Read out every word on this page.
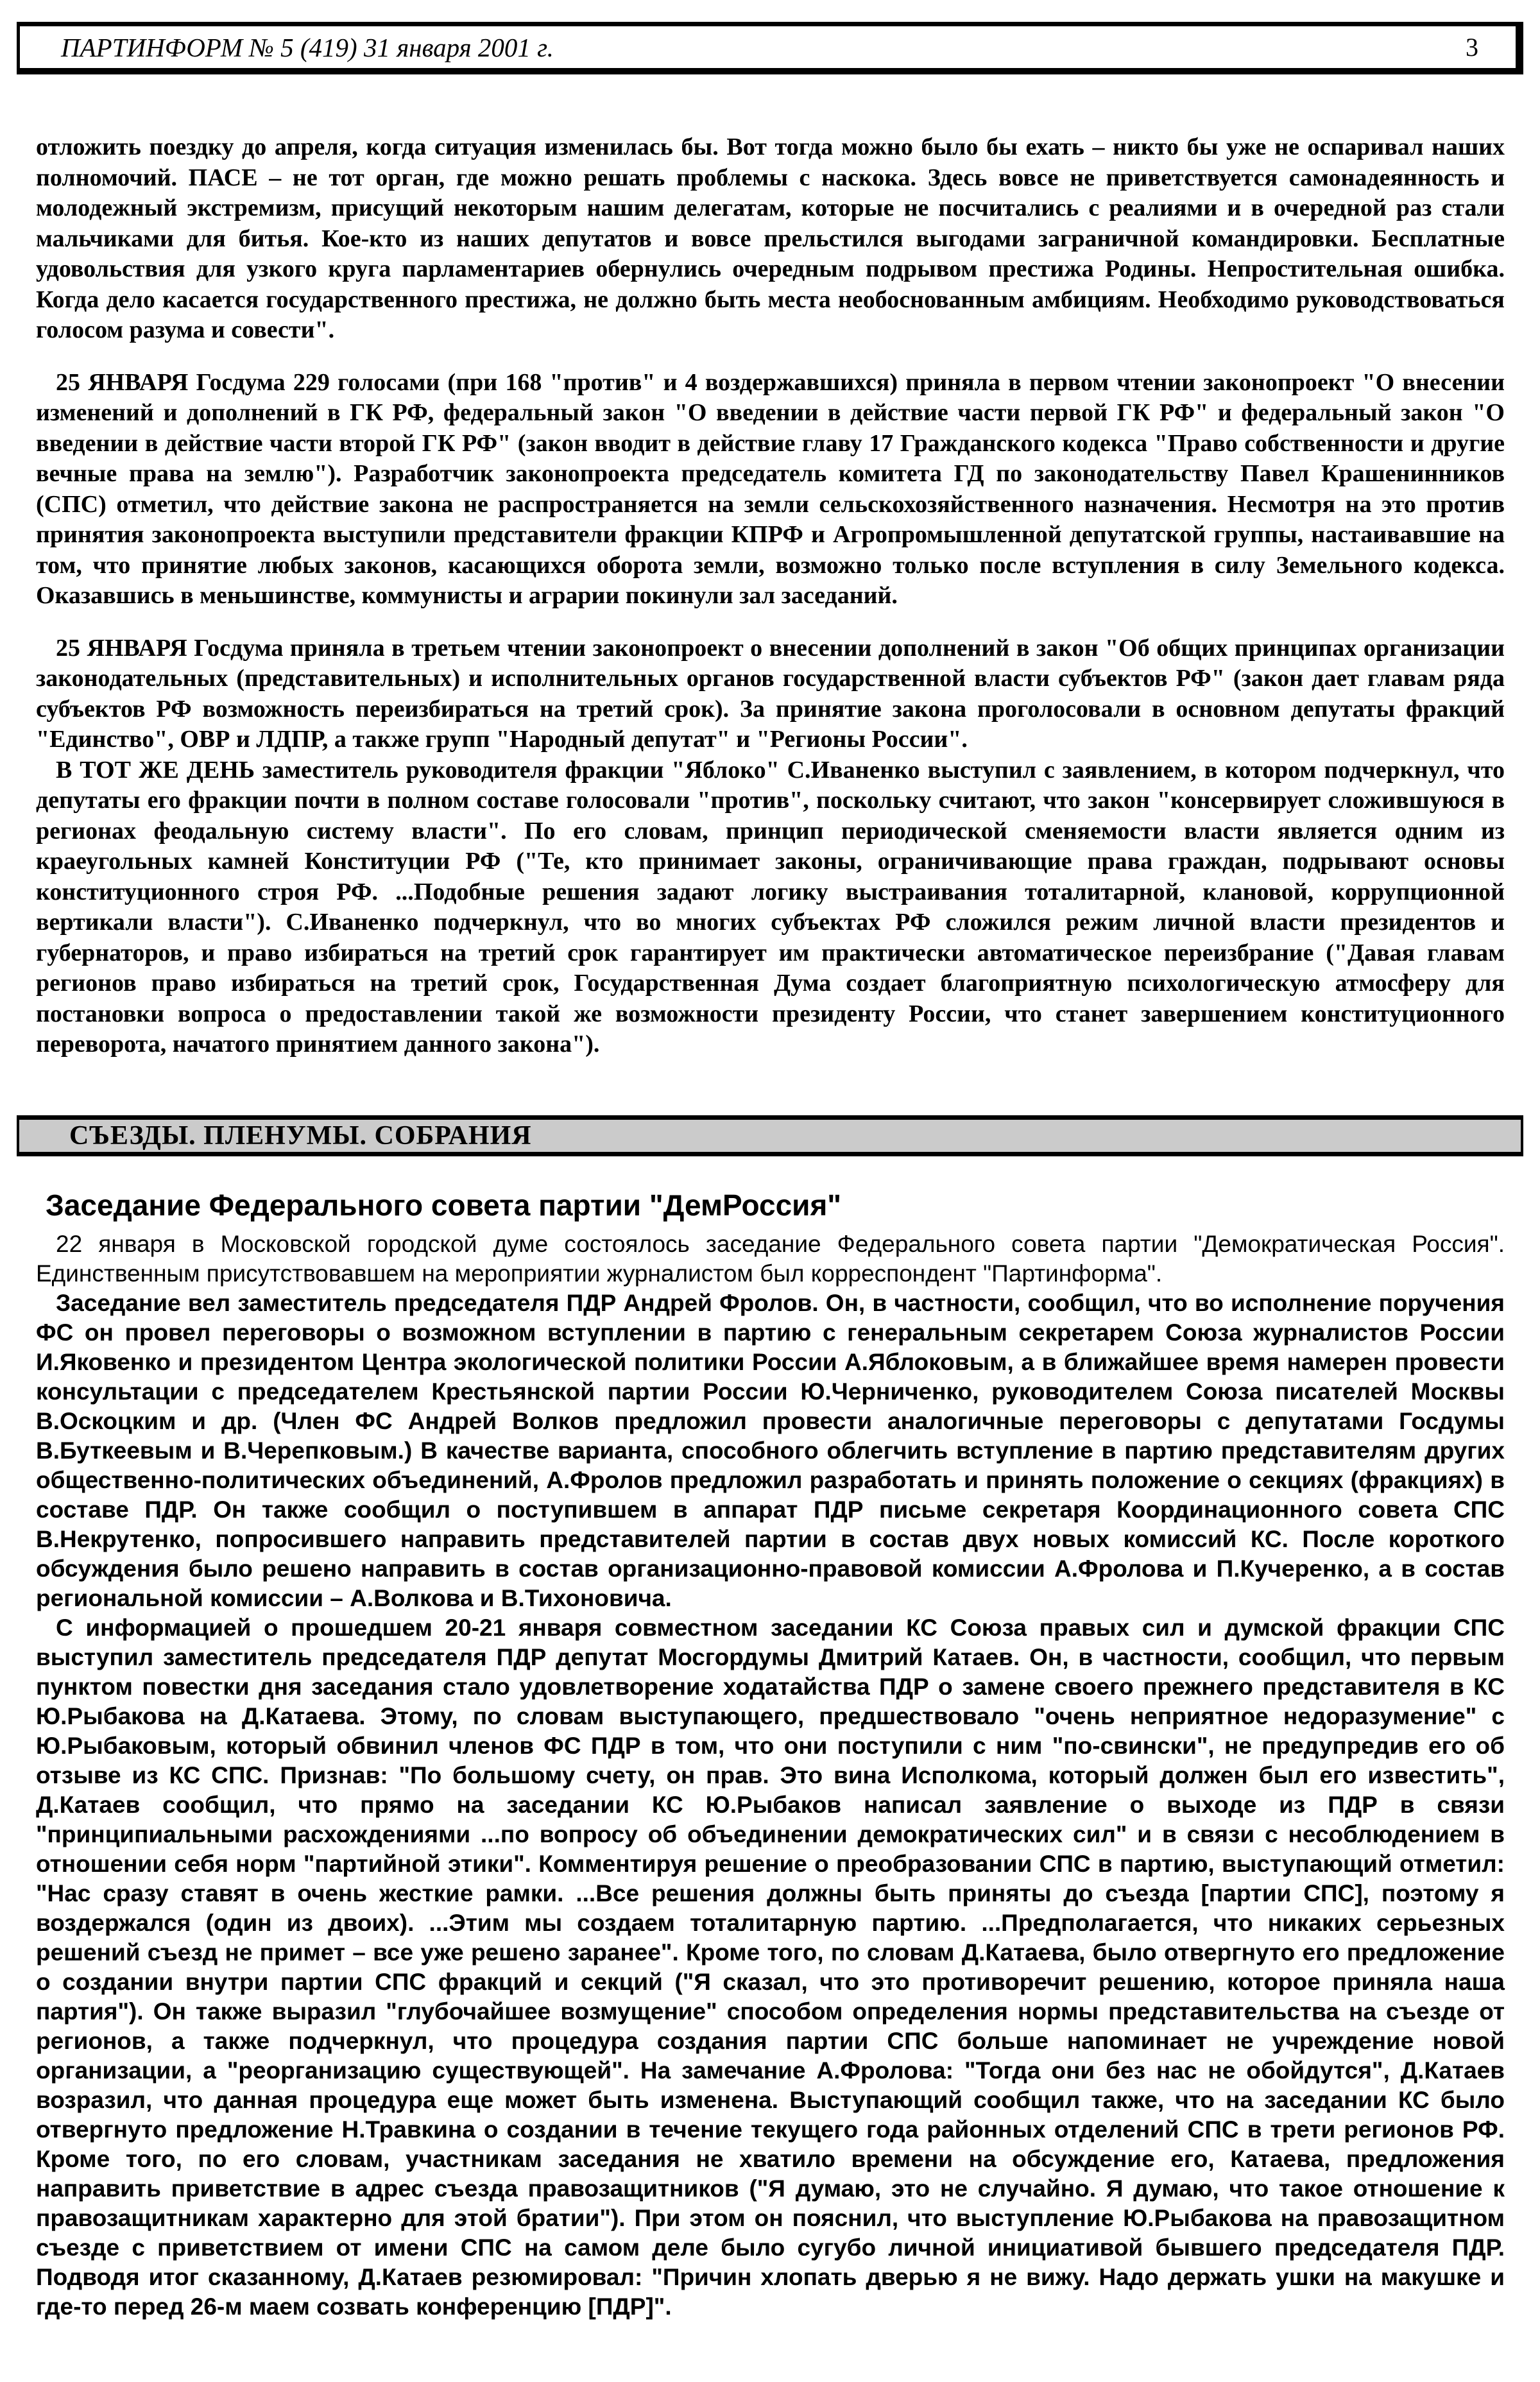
ПАРТИНФОРМ № 5 (419) 31 января 2001 г.	3

отложить поездку до апреля, когда ситуация изменилась бы. Вот тогда можно было бы ехать – никто бы уже не оспаривал наших полномочий. ПАСЕ – не тот орган, где можно решать проблемы с наскока. Здесь вовсе не приветствуется самонадеянность и молодежный экстремизм, присущий некоторым нашим делегатам, которые не посчитались с реалиями и в очередной раз стали мальчиками для битья. Кое-кто из наших депутатов и вовсе прельстился выгодами заграничной командировки. Бесплатные удовольствия для узкого круга парламентариев обернулись очередным подрывом престижа Родины. Непростительная ошибка. Когда дело касается государственного престижа, не должно быть места необоснованным амбициям. Необходимо руководствоваться голосом разума и совести".

25 ЯНВАРЯ Госдума 229 голосами (при 168 "против" и 4 воздержавшихся) приняла в первом чтении законопроект "О внесении изменений и дополнений в ГК РФ, федеральный закон "О введении в действие части первой ГК РФ" и федеральный закон "О введении в действие части второй ГК РФ" (закон вводит в действие главу 17 Гражданского кодекса "Право собственности и другие вечные права на землю"). Разработчик законопроекта председатель комитета ГД по законодательству Павел Крашенинников (СПС) отметил, что действие закона не распространяется на земли сельскохозяйственного назначения. Несмотря на это против принятия законопроекта выступили представители фракции КПРФ и Агропромышленной депутатской группы, настаивавшие на том, что принятие любых законов, касающихся оборота земли, возможно только после вступления в силу Земельного кодекса. Оказавшись в меньшинстве, коммунисты и аграрии покинули зал заседаний.

25 ЯНВАРЯ Госдума приняла в третьем чтении законопроект о внесении дополнений в закон "Об общих принципах организации законодательных (представительных) и исполнительных органов государственной власти субъектов РФ" (закон дает главам ряда субъектов РФ возможность переизбираться на третий срок). За принятие закона проголосовали в основном депутаты фракций "Единство", ОВР и ЛДПР, а также групп "Народный депутат" и "Регионы России".

В ТОТ ЖЕ ДЕНЬ заместитель руководителя фракции "Яблоко" С.Иваненко выступил с заявлением, в котором подчеркнул, что депутаты его фракции почти в полном составе голосовали "против", поскольку считают, что закон "консервирует сложившуюся в регионах феодальную систему власти". По его словам, принцип периодической сменяемости власти является одним из краеугольных камней Конституции РФ ("Те, кто принимает законы, ограничивающие права граждан, подрывают основы конституционного строя РФ. ...Подобные решения задают логику выстраивания тоталитарной, клановой, коррупционной вертикали власти"). С.Иваненко подчеркнул, что во многих субъектах РФ сложился режим личной власти президентов и губернаторов, и право избираться на третий срок гарантирует им практически автоматическое переизбрание ("Давая главам регионов право избираться на третий срок, Государственная Дума создает благоприятную психологическую атмосферу для постановки вопроса о предоставлении такой же возможности президенту России, что станет завершением конституционного переворота, начатого принятием данного закона").

СЪЕЗДЫ. ПЛЕНУМЫ. СОБРАНИЯ
Заседание Федерального совета партии "ДемРоссия"

22 января в Московской городской думе состоялось заседание Федерального совета партии "Демократическая Россия". Единственным присутствовавшем на мероприятии журналистом был корреспондент "Партинформа".

Заседание вел заместитель председателя ПДР Андрей Фролов. Он, в частности, сообщил, что во исполнение поручения ФС он провел переговоры о возможном вступлении в партию с генеральным секретарем Союза журналистов России И.Яковенко и президентом Центра экологической политики России А.Яблоковым, а в ближайшее время намерен провести консультации с председателем Крестьянской партии России Ю.Черниченко, руководителем Союза писателей Москвы В.Оскоцким и др. (Член ФС Андрей Волков предложил провести аналогичные переговоры с депутатами Госдумы В.Буткеевым и В.Черепковым.) В качестве варианта, способного облегчить вступление в партию представителям других общественно-политических объединений, А.Фролов предложил разработать и принять положение о секциях (фракциях) в составе ПДР. Он также сообщил о поступившем в аппарат ПДР письме секретаря Координационного совета СПС В.Некрутенко, попросившего направить представителей партии в состав двух новых комиссий КС. После короткого обсуждения было решено направить в состав организационно-правовой комиссии А.Фролова и П.Кучеренко, а в состав региональной комиссии – А.Волкова и В.Тихоновича.

С информацией о прошедшем 20-21 января совместном заседании КС Союза правых сил и думской фракции СПС выступил заместитель председателя ПДР депутат Мосгордумы Дмитрий Катаев. Он, в частности, сообщил, что первым пунктом повестки дня заседания стало удовлетворение ходатайства ПДР о замене своего прежнего представителя в КС Ю.Рыбакова на Д.Катаева. Этому, по словам выступающего, предшествовало "очень неприятное недоразумение" с Ю.Рыбаковым, который обвинил членов ФС ПДР в том, что они поступили с ним "по-свински", не предупредив его об отзыве из КС СПС. Признав: "По большому счету, он прав. Это вина Исполкома, который должен был его известить", Д.Катаев сообщил, что прямо на заседании КС Ю.Рыбаков написал заявление о выходе из ПДР в связи "принципиальными расхождениями ...по вопросу об объединении демократических сил" и в связи с несоблюдением в отношении себя норм "партийной этики". Комментируя решение о преобразовании СПС в партию, выступающий отметил: "Нас сразу ставят в очень жесткие рамки. ...Все решения должны быть приняты до съезда [партии СПС], поэтому я воздержался (один из двоих). ...Этим мы создаем тоталитарную партию. ...Предполагается, что никаких серьезных решений съезд не примет – все уже решено заранее". Кроме того, по словам Д.Катаева, было отвергнуто его предложение о создании внутри партии СПС фракций и секций ("Я сказал, что это противоречит решению, которое приняла наша партия"). Он также выразил "глубочайшее возмущение" способом определения нормы представительства на съезде от регионов, а также подчеркнул, что процедура создания партии СПС больше напоминает не учреждение новой организации, а "реорганизацию существующей". На замечание А.Фролова: "Тогда они без нас не обойдутся", Д.Катаев возразил, что данная процедура еще может быть изменена. Выступающий сообщил также, что на заседании КС было отвергнуто предложение Н.Травкина о создании в течение текущего года районных отделений СПС в трети регионов РФ. Кроме того, по его словам, участникам заседания не хватило времени на обсуждение его, Катаева, предложения направить приветствие в адрес съезда правозащитников ("Я думаю, это не случайно. Я думаю, что такое отношение к правозащитникам характерно для этой братии"). При этом он пояснил, что выступление Ю.Рыбакова на правозащитном съезде с приветствием от имени СПС на самом деле было сугубо личной инициативой бывшего председателя ПДР. Подводя итог сказанному, Д.Катаев резюмировал: "Причин хлопать дверью я не вижу. Надо держать ушки на макушке и где-то перед 26-м маем созвать конференцию [ПДР]".
